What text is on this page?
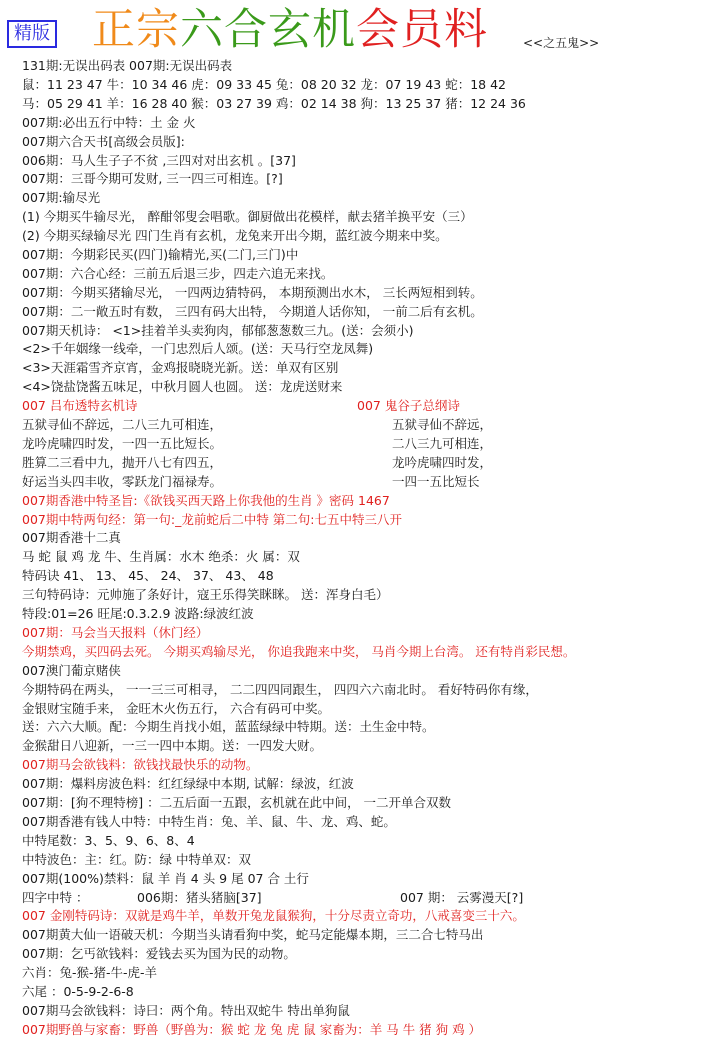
精版 正宗六合玄机会员料	<<之五鬼>>
131期:无误出码表 007期:无误出码表
鼠：11 23 47 牛：10 34 46 虎：09 33 45 兔：08 20 32 龙：07 19 43 蛇：18 42
马：05 29 41 羊：16 28 40 猴：03 27 39 鸡：02 14 38 狗：13 25 37 猪：12 24 36
007期:必出五行中特：土 金 火
007期六合天书[高级会员版]:
006期：马人生子子不贫 ,三四对对出玄机 。[37]
007期：三哥今期可发财, 三一四三可相连。[?]
007期:输尽光
(1) 今期买牛输尽光， 醉酣邻叟会唱歌。御厨做出花模样，献去猪羊换平安（三）
(2) 今期买绿输尽光 四门生肖有玄机，龙兔来开出今期，蓝红波今期来中奖。
007期：今期彩民买(四门)输精光,买(二门,三门)中
007期：六合心经：三前五后退三步，四走六追无来找。
007期：今期买猪输尽光， 一四两边猜特码， 本期预测出水木， 三长两短相到转。
007期：二一敞五时有数， 三四有码大出特， 今期道人话你知， 一前二后有玄机。
007期天机诗： <1>挂着羊头卖狗肉，郁郁葱葱数三九。(送：会须小)
<2>千年姻缘一线牵，一门忠烈后人颂。(送：天马行空龙凤舞)
<3>天涯霜雪齐京宵，金鸡报晓晓光新。送：单双有区别
<4>饶盐饶酱五味足，中秋月圆人也圆。 送：龙虎送财来
007 吕布透特玄机诗	007 鬼谷子总纲诗
五狱寻仙不辞远，二八三九可相连，	五狱寻仙不辞远，
龙吟虎啸四时发，一四一五比短长。	二八三九可相连，
胜算二三看中九，抛开八七有四五，	龙吟虎啸四时发，
好运当头四丰收，零跃龙门福禄寿。	一四一五比短长
007期香港中特圣旨:《欲钱买西天路上你我他的生肖 》密码 1467
007期中特两句经：第一句:_龙前蛇后二中特 第二句:七五中特三八开
007期香港十二真
马 蛇 鼠 鸡 龙 牛、生肖属：水木 绝杀：火 属：双
特码诀 41、 13、 45、 24、 37、 43、 48
三句特码诗：元帅施了条好计，寇王乐得笑眯眯。 送：浑身白毛）
特段:01=26 旺尾:0.3.2.9 波路:绿波红波
007期：马会当天报料（休门经）
今期禁鸡，买四码去死。 今期买鸡输尽光， 你追我跑来中奖， 马肖今期上台湾。 还有特肖彩民想。
007澳门葡京赌侠
今期特码在两头， 一一三三可相寻， 二二四四同跟生， 四四六六南北时。 看好特码你有缘，
金银财宝随手来， 金旺木火伤五行， 六合有码可中奖。
送：六六大顺。配：今期生肖找小姐，蓝蓝绿绿中特期。送：土生金中特。
金猴甜日八迎新，一三一四中本期。送：一四发大财。
007期马会欲钱料：欲钱找最快乐的动物。
007期：爆料房波色料：红红绿绿中本期, 试解：绿波，红波
007期：[狗不理特榜] ：二五后面一五跟，玄机就在此中间， 一二开单合双数
007期香港有钱人中特：中特生肖：兔、羊、鼠、牛、龙、鸡、蛇。
中特尾数：3、5、9、6、8、4
中特波色：主：红。防：绿 中特单双：双
007期(100%)禁料：鼠 羊 肖 4 头 9 尾 07 合 土行
四字中特 ：	006期：猪头猪脑[37]	007 期： 云雾漫天[?]
007 金刚特码诗：双就是鸡牛羊，单数开兔龙鼠猴狗，十分尽责立奇功，八戒喜变三十六。
007期黄大仙一语破天机：今期当头请看狗中奖，蛇马定能爆本期，三二合七特马出
007期：乞丐欲钱料：爱钱去买为国为民的动物。
六肖：兔-猴-猪-牛-虎-羊
六尾 ：0-5-9-2-6-8
007期马会欲钱料：诗曰：两个角。特出双蛇牛 特出单狗鼠
007期野兽与家畜：野兽（野兽为：猴 蛇 龙 兔 虎 鼠 家畜为：羊 马 牛 猪 狗 鸡 ）
